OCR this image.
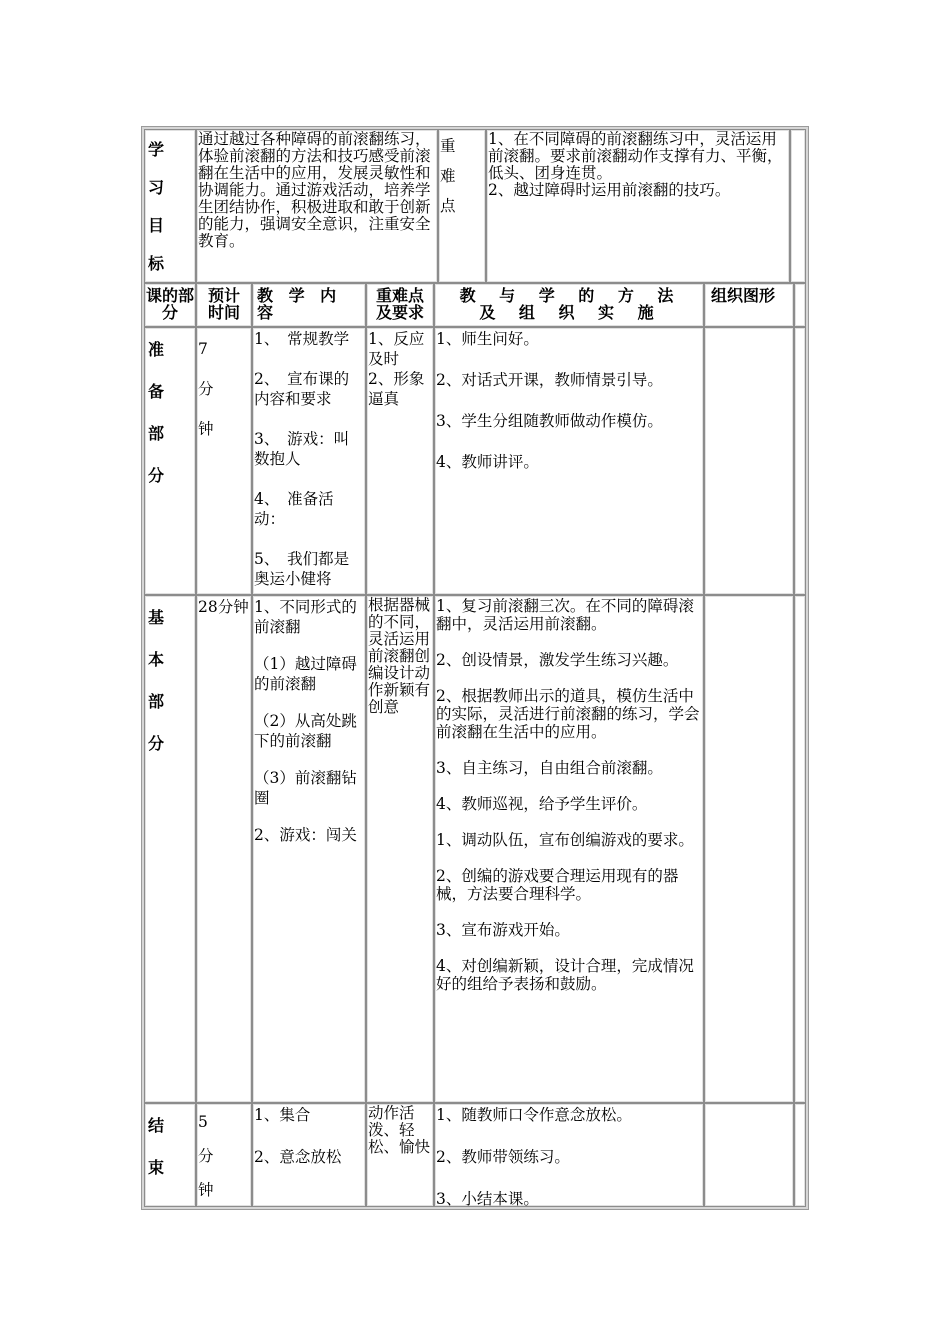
学
习
目
标

通过越过各种障碍的前滚翻练习，体验前滚翻的方法和技巧感受前滚翻在生活中的应用，发展灵敏性和协调能力。通过游戏活动，培养学生团结协作，积极进取和敢于创新的能力，强调安全意识，注重安全教育。

重
难
点

1、在不同障碍的前滚翻练习中，灵活运用前滚翻。要求前滚翻动作支撑有力、平衡，低头、团身连贯。

2、越过障碍时运用前滚翻的技巧。

课的部分
预计时间
教 学 内 容
重难点及要求
教 与 学 的 方 法 及 组 织 实 施
组织图形
准
备
部
分
7
分
钟

1、　常规教学

2、　宣布课的内容和要求

3、　游戏：叫数抱人

4、　准备活动：

5、　我们都是奥运小健将

1、反应及时

2、形象逼真

1、师生问好。

2、对话式开课，教师情景引导。

3、学生分组随教师做动作模仿。

4、教师讲评。

基
本
部
分

28分钟 1、不同形式的前滚翻

（1）越过障碍的前滚翻

（2）从高处跳下的前滚翻

（3）前滚翻钻圈

2、游戏：闯关

根据器械的不同，灵活运用前滚翻创编设计动作新颖有创意

1、复习前滚翻三次。在不同的障碍滚翻中，灵活运用前滚翻。

2、创设情景，激发学生练习兴趣。

2、根据教师出示的道具，模仿生活中的实际，灵活进行前滚翻的练习，学会前滚翻在生活中的应用。

3、自主练习，自由组合前滚翻。

4、教师巡视，给予学生评价。

1、调动队伍，宣布创编游戏的要求。

2、创编的游戏要合理运用现有的器械，方法要合理科学。

3、宣布游戏开始。

4、对创编新颖，设计合理，完成情况好的组给予表扬和鼓励。

结
束
5
分
钟

1、集合

2、意念放松

动作活泼、轻松、愉快

1、随教师口令作意念放松。

2、教师带领练习。

3、小结本课。
